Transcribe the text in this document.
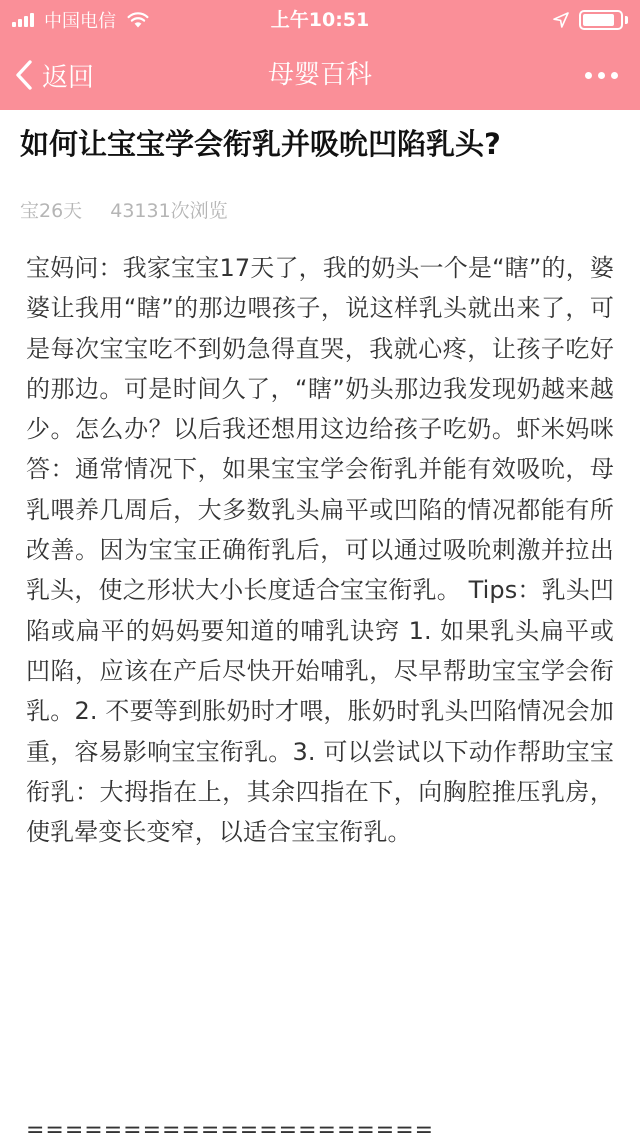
上午10:51
中国电信
母婴百科
返回
如何让宝宝学会衔乳并吸吮凹陷乳头?
宝26天 43131次浏览
宝妈问：我家宝宝17天了，我的奶头一个是“瞎”的，婆婆让我用“瞎”的那边喂孩子，说这样乳头就出来了，可是每次宝宝吃不到奶急得直哭，我就心疼，让孩子吃好的那边。可是时间久了，“瞎”奶头那边我发现奶越来越少。怎么办？以后我还想用这边给孩子吃奶。虾米妈咪答：通常情况下，如果宝宝学会衔乳并能有效吸吮，母乳喂养几周后，大多数乳头扁平或凹陷的情况都能有所改善。因为宝宝正确衔乳后，可以通过吸吮刺激并拉出乳头，使之形状大小长度适合宝宝衔乳。 Tips：乳头凹陷或扁平的妈妈要知道的哺乳诀窍 1. 如果乳头扁平或凹陷，应该在产后尽快开始哺乳，尽早帮助宝宝学会衔乳。2. 不要等到胀奶时才喂，胀奶时乳头凹陷情况会加重，容易影响宝宝衔乳。3. 可以尝试以下动作帮助宝宝衔乳：大拇指在上，其余四指在下，向胸腔推压乳房，使乳晕变长变窄，以适合宝宝衔乳。
=====================
